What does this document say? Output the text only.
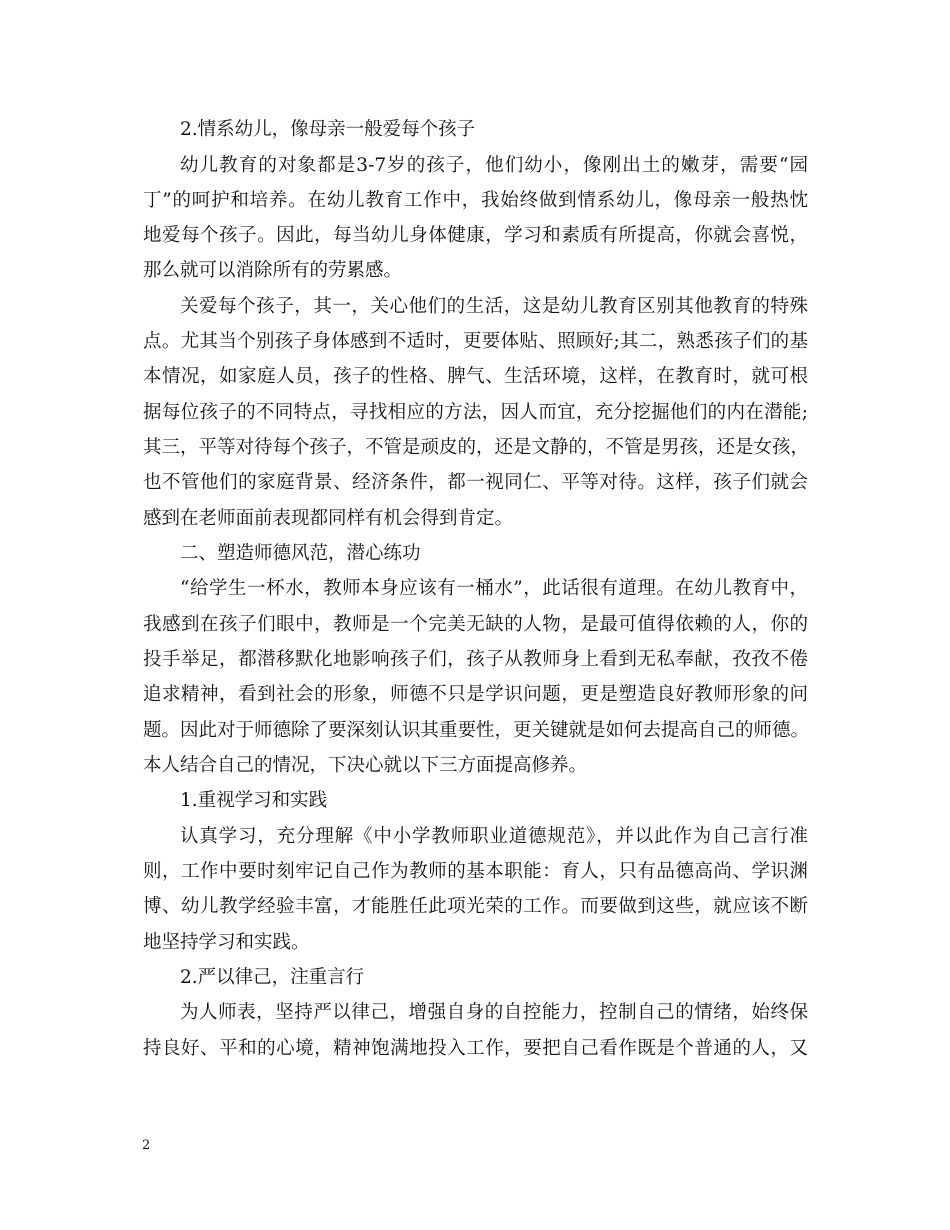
2.情系幼儿，像母亲一般爱每个孩子
幼儿教育的对象都是3-7岁的孩子，他们幼小，像刚出土的嫩芽，需要“园
丁”的呵护和培养。在幼儿教育工作中，我始终做到情系幼儿，像母亲一般热忱
地爱每个孩子。因此，每当幼儿身体健康，学习和素质有所提高，你就会喜悦，
那么就可以消除所有的劳累感。
关爱每个孩子，其一，关心他们的生活，这是幼儿教育区别其他教育的特殊
点。尤其当个别孩子身体感到不适时，更要体贴、照顾好;其二，熟悉孩子们的基
本情况，如家庭人员，孩子的性格、脾气、生活环境，这样，在教育时，就可根
据每位孩子的不同特点，寻找相应的方法，因人而宜，充分挖掘他们的内在潜能;
其三，平等对待每个孩子，不管是顽皮的，还是文静的，不管是男孩，还是女孩，
也不管他们的家庭背景、经济条件，都一视同仁、平等对待。这样，孩子们就会
感到在老师面前表现都同样有机会得到肯定。
二、塑造师德风范，潜心练功
“给学生一杯水，教师本身应该有一桶水”，此话很有道理。在幼儿教育中，
我感到在孩子们眼中，教师是一个完美无缺的人物，是最可值得依赖的人，你的
投手举足，都潜移默化地影响孩子们，孩子从教师身上看到无私奉献，孜孜不倦
追求精神，看到社会的形象，师德不只是学识问题，更是塑造良好教师形象的问
题。因此对于师德除了要深刻认识其重要性，更关键就是如何去提高自己的师德。
本人结合自己的情况，下决心就以下三方面提高修养。
1.重视学习和实践
认真学习，充分理解《中小学教师职业道德规范》，并以此作为自己言行准
则，工作中要时刻牢记自己作为教师的基本职能：育人，只有品德高尚、学识渊
博、幼儿教学经验丰富，才能胜任此项光荣的工作。而要做到这些，就应该不断
地坚持学习和实践。
2.严以律己，注重言行
为人师表，坚持严以律己，增强自身的自控能力，控制自己的情绪，始终保
持良好、平和的心境，精神饱满地投入工作，要把自己看作既是个普通的人，又
2
